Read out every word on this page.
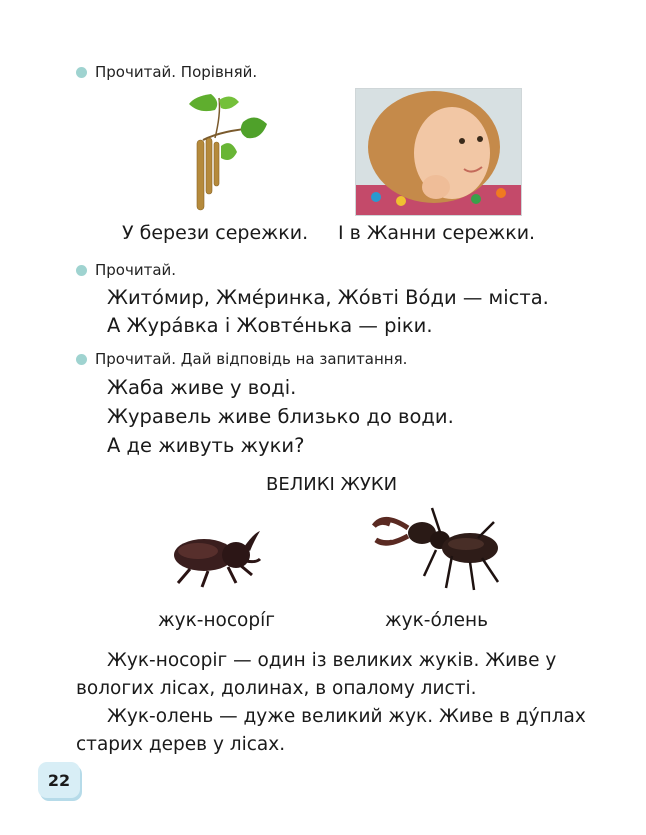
Прочитай. Порівняй.
У берези сережки. І в Жанни сережки.
Прочитай.
Жито́мир, Жме́ринка, Жо́вті Во́ди — міста.
А Жура́вка і Жовте́нька — ріки.
Прочитай. Дай відповідь на запитання.
Жаба живе у воді.
Журавель живе близько до води.
А де живуть жуки?
ВЕЛИКІ ЖУКИ
жук-носорі́г	жук-о́лень
Жук-носоріг — один із великих жуків. Живе у
вологих лісах, долинах, в опалому листі.
Жук-олень — дуже великий жук. Живе в ду́плах
старих дерев у лісах.
22
